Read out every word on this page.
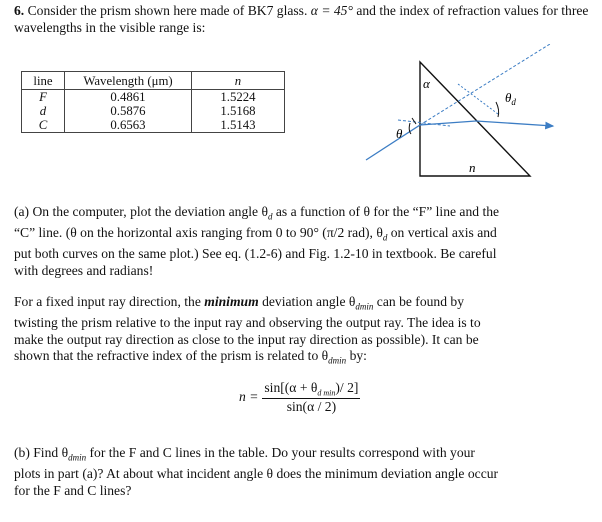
6. Consider the prism shown here made of BK7 glass. α = 45° and the index of refraction values for three wavelengths in the visible range is:

line	Wavelength (μm)	n
F	0.4861	1.5224
d	0.5876	1.5168
C	0.6563	1.5143
α
θ
$\theta_d$
n
(a) On the computer, plot the deviation angle $\theta_d$ as a function of θ for the “F” line and the
“C” line. (θ on the horizontal axis ranging from 0 to 90° (π/2 rad), $\theta_d$ on vertical axis and
put both curves on the same plot.) See eq. (1.2-6) and Fig. 1.2-10 in textbook. Be careful
with degrees and radians!
For a fixed input ray direction, the minimum deviation angle $\theta_{dmin}$ can be found by
twisting the prism relative to the input ray and observing the output ray. The idea is to
make the output ray direction as close to the input ray direction as possible). It can be
shown that the refractive index of the prism is related to $\theta_{dmin}$ by:
n =	$\sin[(\alpha + \theta_{d min})/$ 2]
sin(α / 2)
(b) Find $\theta_{dmin}$ for the F and C lines in the table. Do your results correspond with your
plots in part (a)? At about what incident angle θ does the minimum deviation angle occur
for the F and C lines?
